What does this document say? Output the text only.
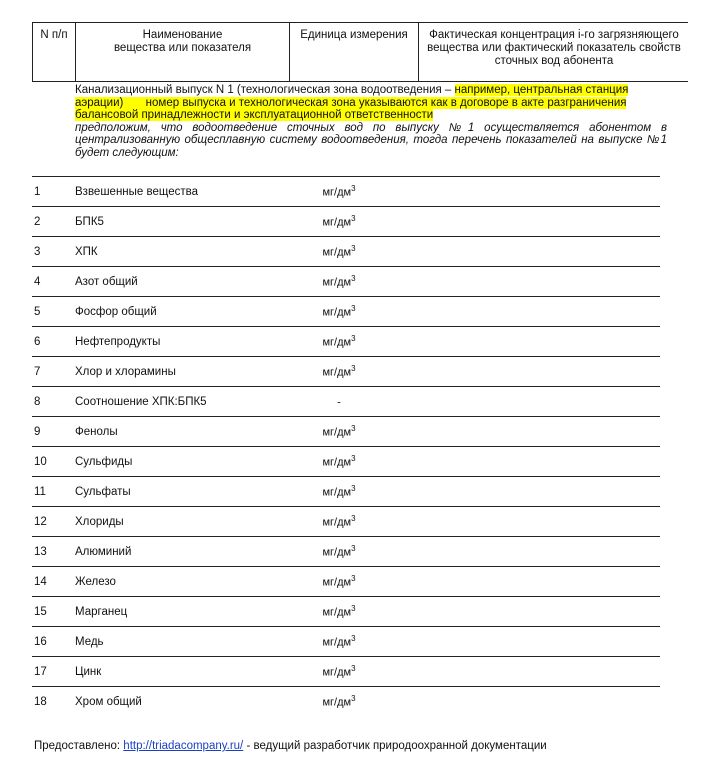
N п/п	Наименование
вещества или показателя
Единица измерения	Фактическая концентрация i-го загрязняющего
вещества или фактический показатель свойств
сточных вод абонента
Канализационный выпуск N 1 (технологическая зона водоотведения – например, центральная станция
аэрации)       номер выпуска и технологическая зона указываются как в договоре в акте разграничения
балансовой принадлежности и эксплуатационной ответственности
предположим, что водоотведение сточных вод по выпуску №1 осуществляется абонентом в централизованную общесплавную систему водоотведения, тогда перечень показателей на выпуске №1 будет следующим:
1	Взвешенные вещества	$мг/дм^3$
2	БПК5	$мг/дм^3$
3	ХПК	$мг/дм^3$
4	Азот общий	$мг/дм^3$
5	Фосфор общий	$мг/дм^3$
6	Нефтепродукты	$мг/дм^3$
7	Хлор и хлорамины	$мг/дм^3$
8	Соотношение ХПК:БПК5	-
9	Фенолы	$мг/дм^3$
10 Сульфиды	$мг/дм^3$
11	Сульфаты	$мг/дм^3$
12 Хлориды	$мг/дм^3$
13 Алюминий	$мг/дм^3$
14 Железо	$мг/дм^3$
15 Марганец	$мг/дм^3$
16 Медь	$мг/дм^3$
17 Цинк	$мг/дм^3$
18 Хром общий	$мг/дм^3$
Предоставлено: http://triadacompany.ru/ - ведущий разработчик природоохранной документации
